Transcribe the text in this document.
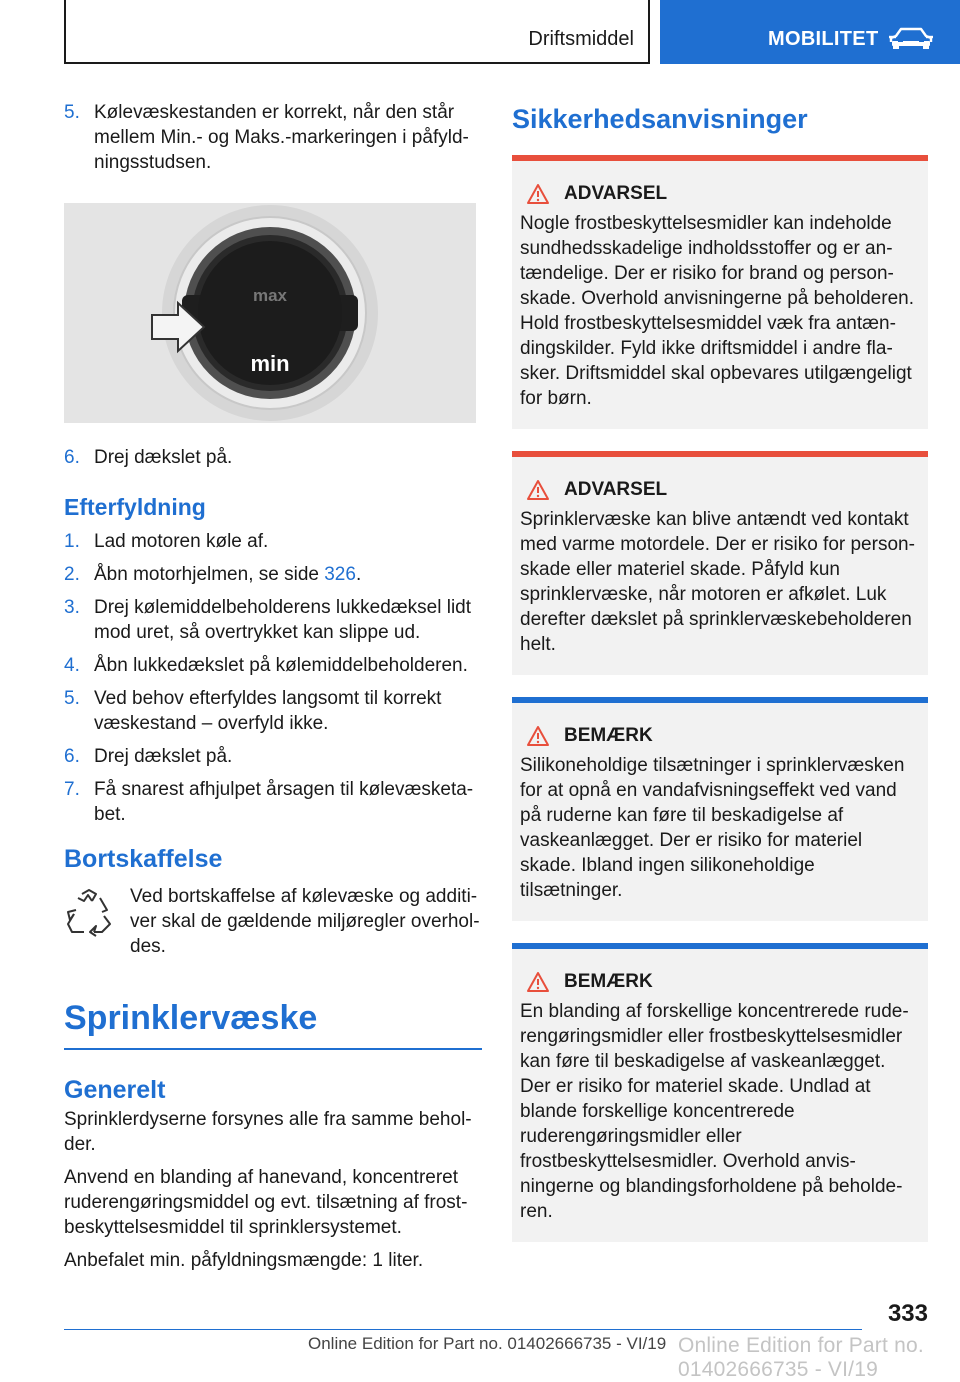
Driftsmiddel	MOBILITET
5. Kølevæskestanden er korrekt, når den står mellem Min.- og Maks.-markeringen i påfyldningsstudsen.
max
min
6. Drej dækslet på.
Efterfyldning
1. Lad motoren køle af.
2. Åbn motorhjelmen, se side 326.
3. Drej kølemiddelbeholderens lukkedæksel lidt mod uret, så overtrykket kan slippe ud.
4. Åbn lukkedækslet på kølemiddelbeholderen.
5. Ved behov efterfyldes langsomt til korrekt væskestand – overfyld ikke.
6. Drej dækslet på.
7. Få snarest afhjulpet årsagen til kølevæsketabet.
Bortskaffelse
Ved bortskaffelse af kølevæske og additiver skal de gældende miljøregler overholdes.
Sprinklervæske
Generelt
Sprinklerdyserne forsynes alle fra samme beholder.
Anvend en blanding af hanevand, koncentreret ruderengøringsmiddel og evt. tilsætning af frostbeskyttelsesmiddel til sprinklersystemet.
Anbefalet min. påfyldningsmængde: 1 liter.
Sikkerhedsanvisninger
ADVARSEL
Nogle frostbeskyttelsesmidler kan indeholde sundhedsskadelige indholdsstoffer og er antændelige. Der er risiko for brand og personskade. Overhold anvisningerne på beholderen. Hold frostbeskyttelsesmiddel væk fra antændingskilder. Fyld ikke driftsmiddel i andre flasker. Driftsmiddel skal opbevares utilgængeligt for børn.
ADVARSEL
Sprinklervæske kan blive antændt ved kontakt med varme motordele. Der er risiko for personskade eller materiel skade. Påfyld kun sprinklervæske, når motoren er afkølet. Luk derefter dækslet på sprinklervæskebeholderen helt.
BEMÆRK
Silikoneholdige tilsætninger i sprinklervæsken for at opnå en vandafvisningseffekt ved vand på ruderne kan føre til beskadigelse af vaskeanlægget. Der er risiko for materiel skade. Ibland ingen silikoneholdige tilsætninger.
BEMÆRK
En blanding af forskellige koncentrerede ruderengøringsmidler eller frostbeskyttelsesmidler kan føre til beskadigelse af vaskeanlægget. Der er risiko for materiel skade. Undlad at blande forskellige koncentrerede ruderengøringsmidler eller frostbeskyttelsesmidler. Overhold anvisningerne og blandingsforholdene på beholderen.
333
Online Edition for Part no. 01402666735 - VI/19 Online Edition for Part no. 01402666735 - VI/19
